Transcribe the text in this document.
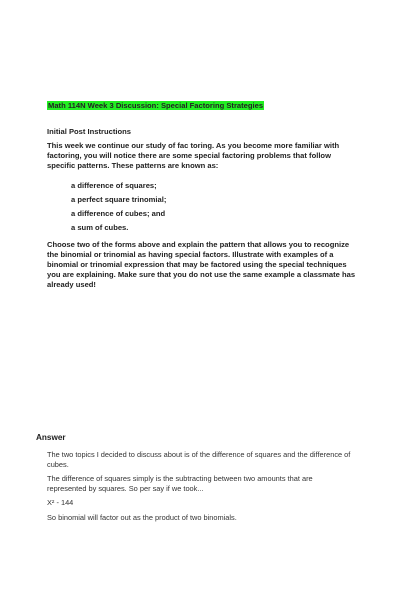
Math 114N Week 3 Discussion: Special Factoring Strategies
Initial Post Instructions

This week we continue our study of fac toring. As you become more familiar with factoring, you will notice there are some special factoring problems that follow specific patterns. These patterns are known as:

a difference of squares;
a perfect square trinomial;
a difference of cubes; and
a sum of cubes.

Choose two of the forms above and explain the pattern that allows you to recognize the binomial or trinomial as having special factors. Illustrate with examples of a binomial or trinomial expression that may be factored using the special techniques you are explaining. Make sure that you do not use the same example a classmate has already used!

Answer

The two topics I decided to discuss about is of the difference of squares and the difference of cubes.

The difference of squares simply is the subtracting between two amounts that are represented by squares. So per say if we took...

X² - 144

So binomial will factor out as the product of two binomials.
